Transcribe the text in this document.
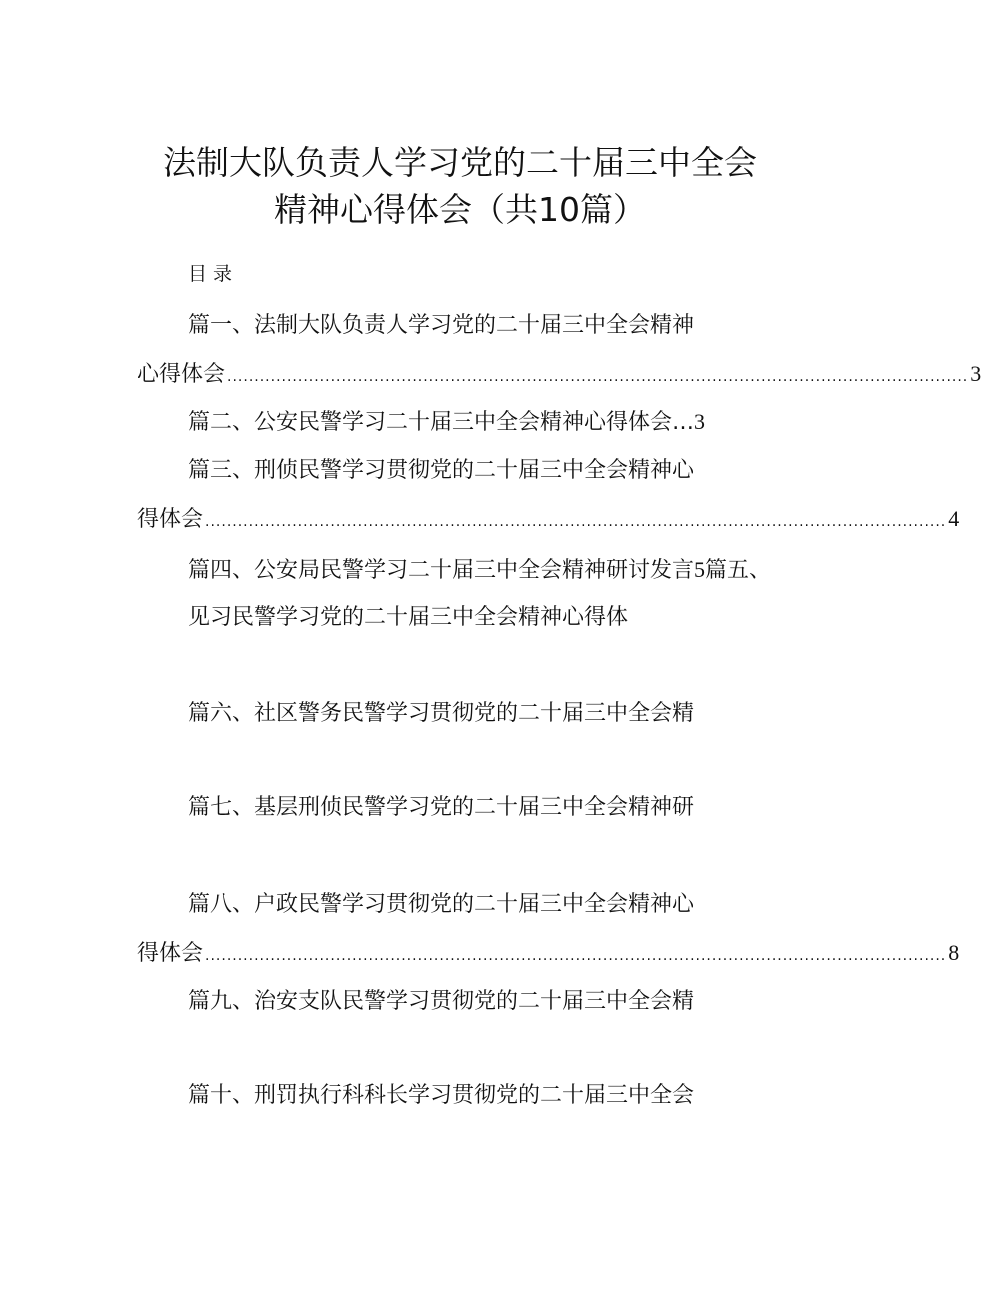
法制大队负责人学习党的二十届三中全会
精神心得体会（共10篇）
目录
篇一、法制大队负责人学习党的二十届三中全会精神
心得体会 ........................................................................................................................................ 3
篇二、公安民警学习二十届三中全会精神心得体会…3
篇三、刑侦民警学习贯彻党的二十届三中全会精神心
得体会 ........................................................................................................................................ 4
篇四、公安局民警学习二十届三中全会精神研讨发言5篇五、
见习民警学习党的二十届三中全会精神心得体
篇六、社区警务民警学习贯彻党的二十届三中全会精
篇七、基层刑侦民警学习党的二十届三中全会精神研
篇八、户政民警学习贯彻党的二十届三中全会精神心
得体会 ........................................................................................................................................ 8
篇九、治安支队民警学习贯彻党的二十届三中全会精
篇十、刑罚执行科科长学习贯彻党的二十届三中全会
